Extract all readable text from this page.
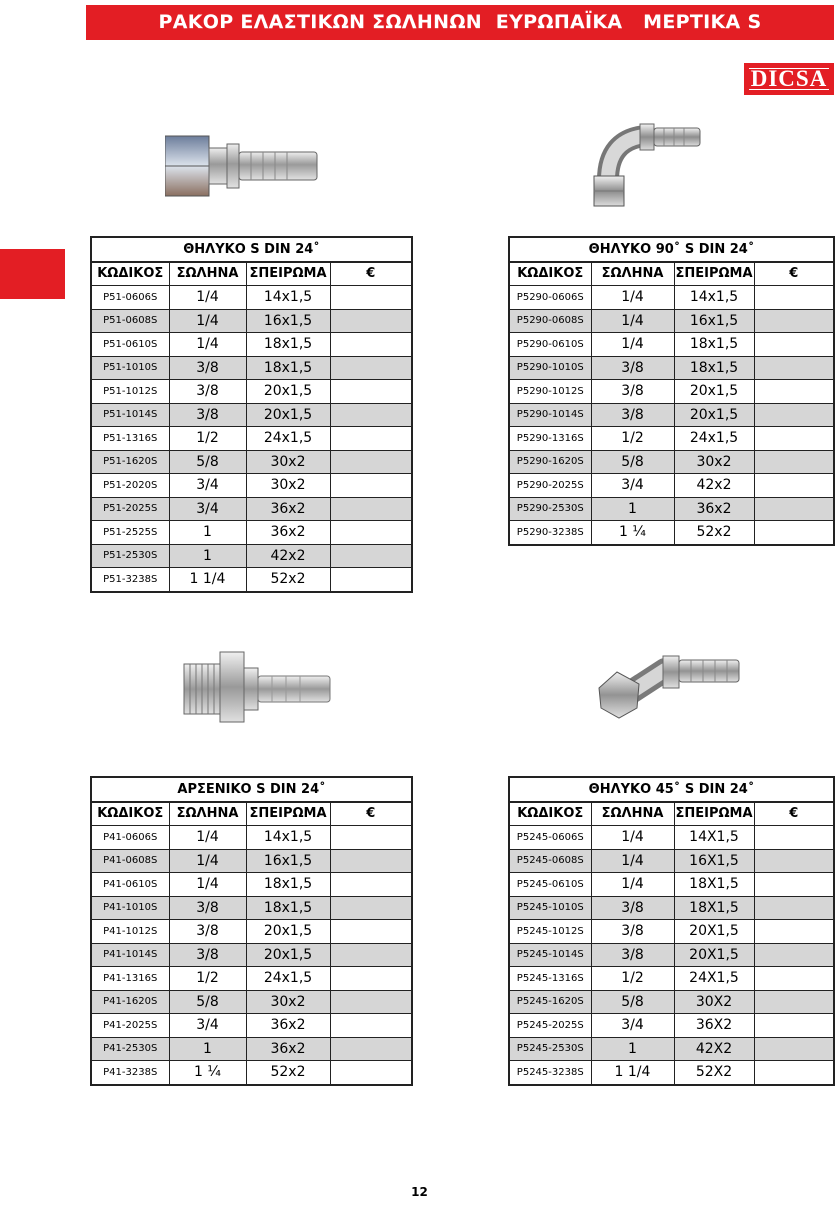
ΡΑΚΟΡ ΕΛΑΣΤΙΚΩΝ ΣΩΛΗΝΩΝ  ΕΥΡΩΠΑΪΚΑ   ΜΕΡΤΙΚΑ S
DICSA
ΘΗΛΥΚΟ S DIN 24˚			
ΚΩΔΙΚΟΣ	ΣΩΛΗΝΑ	ΣΠΕΙΡΩΜΑ	€
P51-0606S	1/4	14x1,5	
P51-0608S	1/4	16x1,5	
P51-0610S	1/4	18x1,5	
P51-1010S	3/8	18x1,5	
P51-1012S	3/8	20x1,5	
P51-1014S	3/8	20x1,5	
P51-1316S	1/2	24x1,5	
P51-1620S	5/8	30x2	
P51-2020S	3/4	30x2	
P51-2025S	3/4	36x2	
P51-2525S	1	36x2	
P51-2530S	1	42x2	
P51-3238S	1 1/4	52x2	
ΘΗΛΥΚΟ 90˚ S DIN 24˚			
ΚΩΔΙΚΟΣ	ΣΩΛΗΝΑ	ΣΠΕΙΡΩΜΑ	€
P5290-0606S	1/4	14x1,5	
P5290-0608S	1/4	16x1,5	
P5290-0610S	1/4	18x1,5	
P5290-1010S	3/8	18x1,5	
P5290-1012S	3/8	20x1,5	
P5290-1014S	3/8	20x1,5	
P5290-1316S	1/2	24x1,5	
P5290-1620S	5/8	30x2	
P5290-2025S	3/4	42x2	
P5290-2530S	1	36x2	
P5290-3238S	1 ¼	52x2	
ΑΡΣΕΝΙΚΟ S DIN 24˚			
ΚΩΔΙΚΟΣ	ΣΩΛΗΝΑ	ΣΠΕΙΡΩΜΑ	€
P41-0606S	1/4	14x1,5	
P41-0608S	1/4	16x1,5	
P41-0610S	1/4	18x1,5	
P41-1010S	3/8	18x1,5	
P41-1012S	3/8	20x1,5	
P41-1014S	3/8	20x1,5	
P41-1316S	1/2	24x1,5	
P41-1620S	5/8	30x2	
P41-2025S	3/4	36x2	
P41-2530S	1	36x2	
P41-3238S	1 ¼	52x2	
ΘΗΛΥΚΟ 45˚ S DIN 24˚			
ΚΩΔΙΚΟΣ	ΣΩΛΗΝΑ	ΣΠΕΙΡΩΜΑ	€
P5245-0606S	1/4	14X1,5	
P5245-0608S	1/4	16X1,5	
P5245-0610S	1/4	18X1,5	
P5245-1010S	3/8	18X1,5	
P5245-1012S	3/8	20X1,5	
P5245-1014S	3/8	20X1,5	
P5245-1316S	1/2	24X1,5	
P5245-1620S	5/8	30X2	
P5245-2025S	3/4	36X2	
P5245-2530S	1	42X2	
P5245-3238S	1 1/4	52X2	
12
